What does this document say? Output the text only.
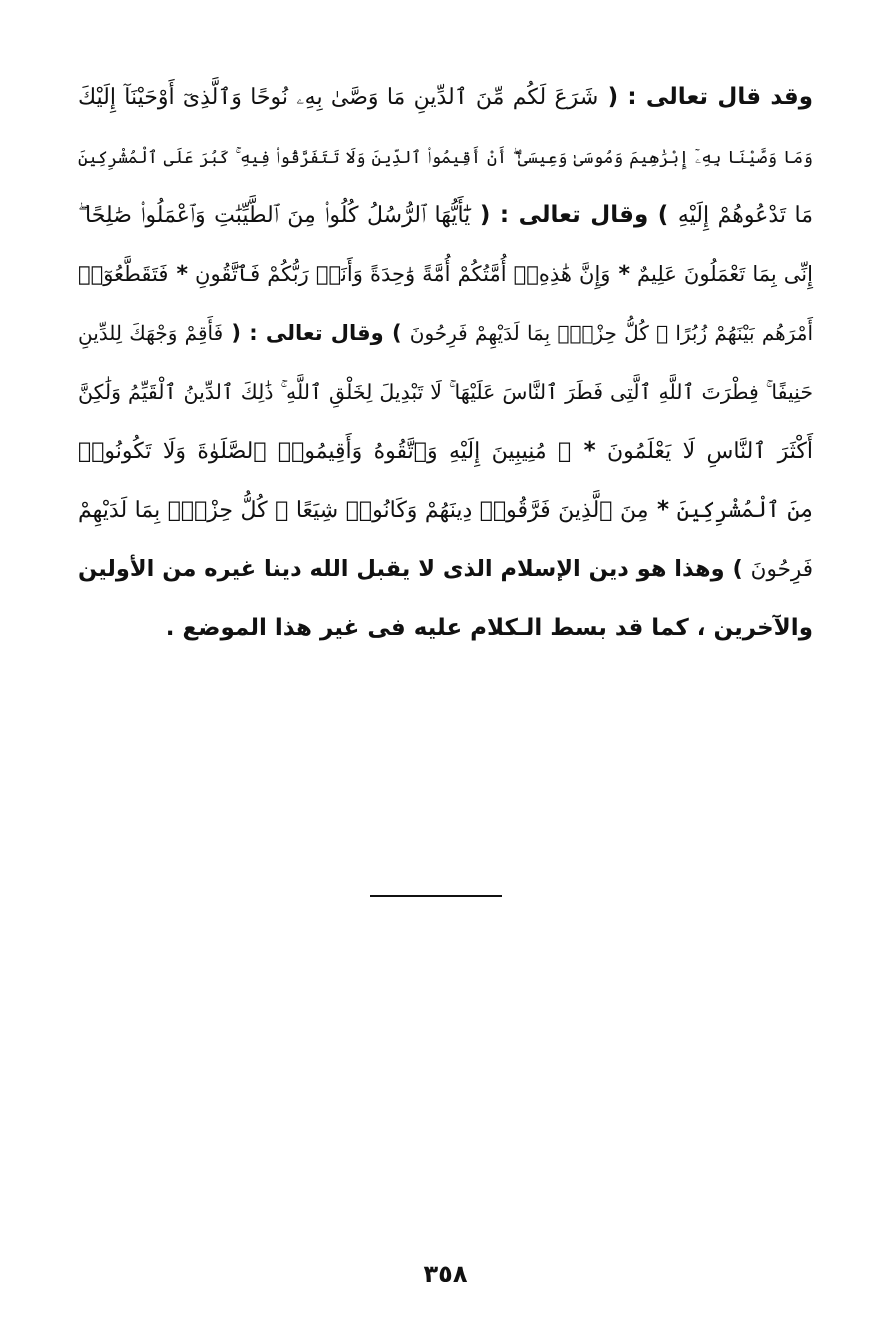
وقد قال تعالى : ( شَرَعَ لَكُم مِّنَ ٱلدِّينِ مَا وَصَّىٰ بِهِۦ نُوحًا وَٱلَّذِىٓ أَوْحَيْنَآ إِلَيْكَ
وَمَا وَصَّيْنَا بِهِۦٓ إِبْرَٰهِيمَ وَمُوسَىٰ وَعِيسَىٰٓ ۖ أَنْ أَقِيمُوا۟ ٱلدِّينَ وَلَا تَتَفَرَّقُوا۟ فِيهِ ۚ كَبُرَ عَلَى ٱلْمُشْرِكِينَ
مَا تَدْعُوهُمْ إِلَيْهِ ) وقال تعالى : ( يَٰٓأَيُّهَا ٱلرُّسُلُ كُلُوا۟ مِنَ ٱلطَّيِّبَٰتِ وَٱعْمَلُوا۟ صَٰلِحًا ۖ
إِنِّى بِمَا تَعْمَلُونَ عَلِيمٌ * وَإِنَّ هَٰذِهِۦٓ أُمَّتُكُمْ أُمَّةً وَٰحِدَةً وَأَنَا۠ رَبُّكُمْ فَٱتَّقُونِ * فَتَقَطَّعُوٓا۟
أَمْرَهُم بَيْنَهُمْ زُبُرًا ۖ كُلُّ حِزْبٍۭ بِمَا لَدَيْهِمْ فَرِحُونَ ) وقال تعالى : ( فَأَقِمْ وَجْهَكَ لِلدِّينِ
حَنِيفًا ۚ فِطْرَتَ ٱللَّهِ ٱلَّتِى فَطَرَ ٱلنَّاسَ عَلَيْهَا ۚ لَا تَبْدِيلَ لِخَلْقِ ٱللَّهِ ۚ ذَٰلِكَ ٱلدِّينُ ٱلْقَيِّمُ وَلَٰكِنَّ
أَكْثَرَ ٱلنَّاسِ لَا يَعْلَمُونَ * ۞ مُنِيبِينَ إِلَيْهِ وَٱتَّقُوهُ وَأَقِيمُوا۟ ٱلصَّلَوٰةَ وَلَا تَكُونُوا۟
مِنَ ٱلْمُشْرِكِينَ * مِنَ ٱلَّذِينَ فَرَّقُوا۟ دِينَهُمْ وَكَانُوا۟ شِيَعًا ۖ كُلُّ حِزْبٍۭ بِمَا لَدَيْهِمْ
فَرِحُونَ ) وهذا هو دين الإسلام الذى لا يقبل الله دينا غيره من الأولين
والآخرين ، كما قد بسط الـكلام عليه فى غير هذا الموضع .
٣٥٨
